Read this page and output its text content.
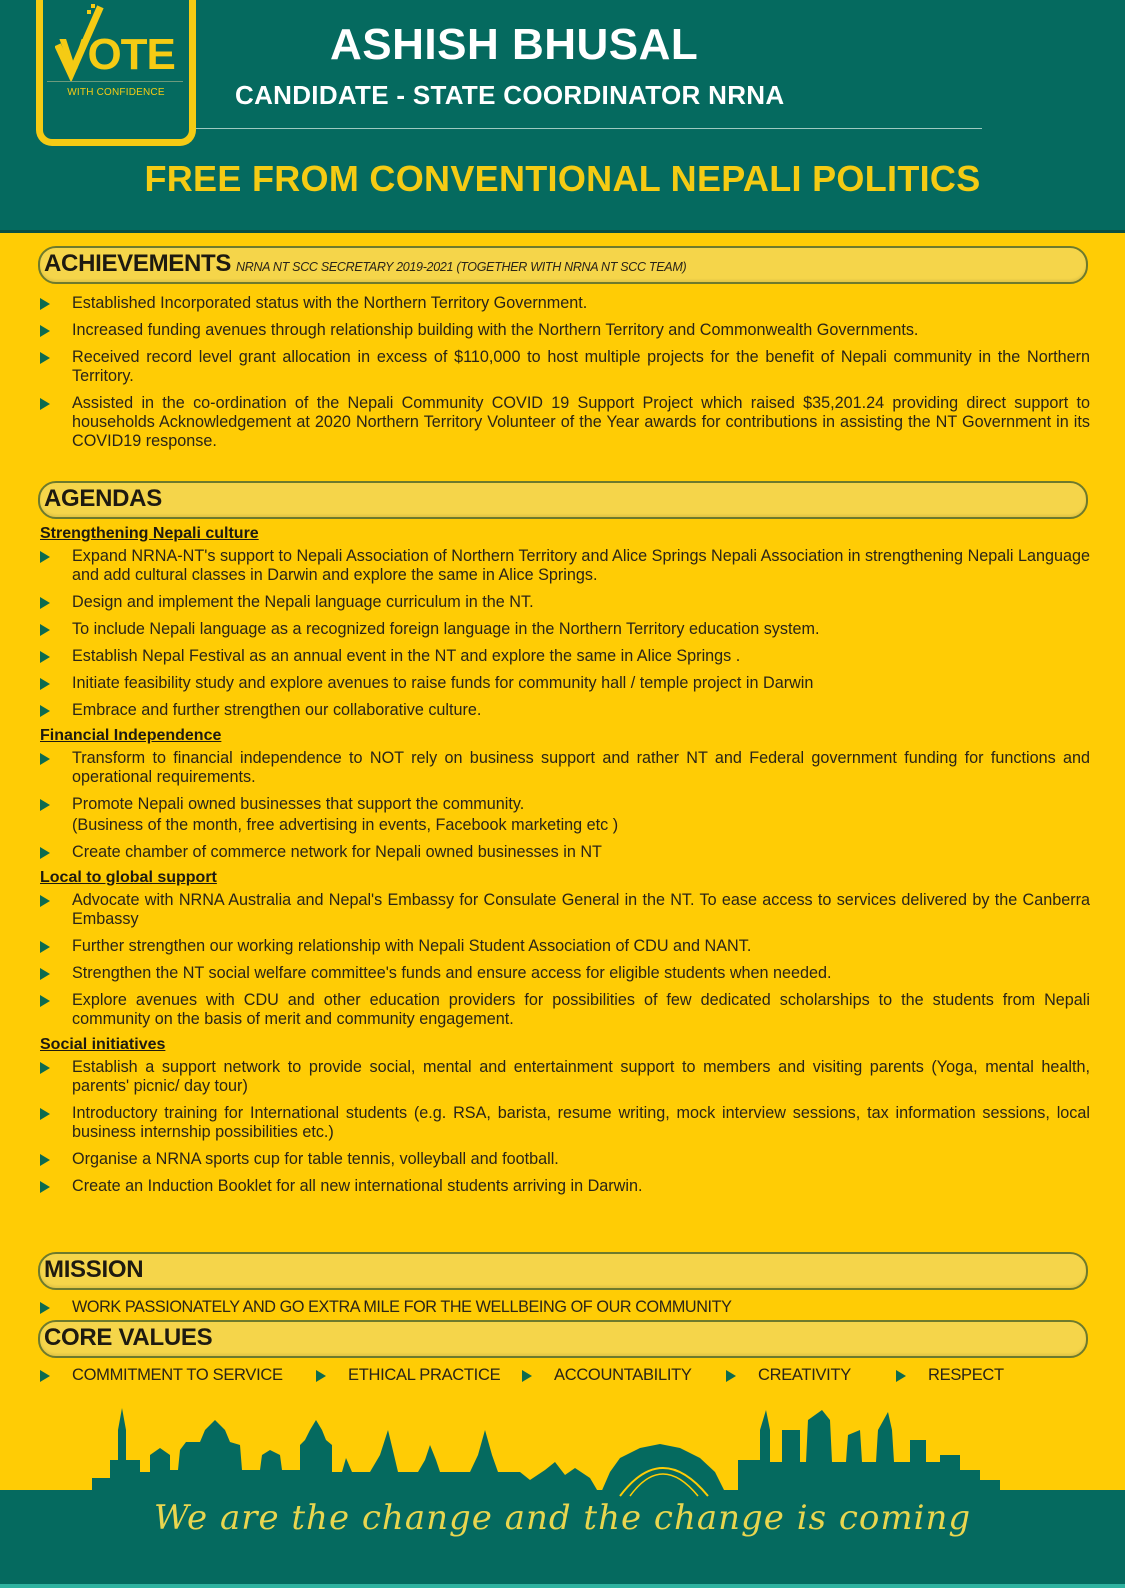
VOTE
WITH CONFIDENCE
ASHISH BHUSAL
CANDIDATE - STATE COORDINATOR NRNA
FREE FROM CONVENTIONAL NEPALI POLITICS
ACHIEVEMENTS NRNA NT SCC SECRETARY 2019-2021 (TOGETHER WITH NRNA NT SCC TEAM)
Established Incorporated status with the Northern Territory Government.
Increased funding avenues through relationship building with the Northern Territory and Commonwealth Governments.
Received record level grant allocation in excess of $110,000 to host multiple projects for the benefit of Nepali community in the Northern Territory.
Assisted in the co-ordination of the Nepali Community COVID 19 Support Project which raised $35,201.24 providing direct support to households Acknowledgement at 2020 Northern Territory Volunteer of the Year awards for contributions in assisting the NT Government in its COVID19 response.
AGENDAS
Strengthening Nepali culture
Expand NRNA-NT's support to Nepali Association of Northern Territory and Alice Springs Nepali Association in strengthening Nepali Language and add cultural classes in Darwin and explore the same in Alice Springs.
Design and implement the Nepali language curriculum in the NT.
To include Nepali language as a recognized foreign language in the Northern Territory education system.
Establish Nepal Festival as an annual event in the NT and explore the same in Alice Springs .
Initiate feasibility study and explore avenues to raise funds for community hall / temple project in Darwin
Embrace and further strengthen our collaborative culture.
Financial Independence
Transform to financial independence to NOT rely on business support and rather NT and Federal government funding for functions and operational requirements.
Promote Nepali owned businesses that support the community.
(Business of the month, free advertising in events, Facebook marketing etc )
Create chamber of commerce network for Nepali owned businesses in NT
Local to global support
Advocate with NRNA Australia and Nepal's Embassy for Consulate General in the NT. To ease access to services delivered by the Canberra Embassy
Further strengthen our working relationship with Nepali Student Association of CDU and NANT.
Strengthen the NT social welfare committee's funds and ensure access for eligible students when needed.
Explore avenues with CDU and other education providers for possibilities of few dedicated scholarships to the students from Nepali community on the basis of merit and community engagement.
Social initiatives
Establish a support network to provide social, mental and entertainment support to members and visiting parents (Yoga, mental health, parents' picnic/ day tour)
Introductory training for International students (e.g. RSA, barista, resume writing, mock interview sessions, tax information sessions, local business internship possibilities etc.)
Organise a NRNA sports cup for table tennis, volleyball and football.
Create an Induction Booklet for all new international students arriving in Darwin.
MISSION
WORK PASSIONATELY AND GO EXTRA MILE FOR THE WELLBEING OF OUR COMMUNITY
CORE VALUES
COMMITMENT TO SERVICE	ETHICAL PRACTICE	ACCOUNTABILITY	CREATIVITY	RESPECT
We are the change and the change is coming
